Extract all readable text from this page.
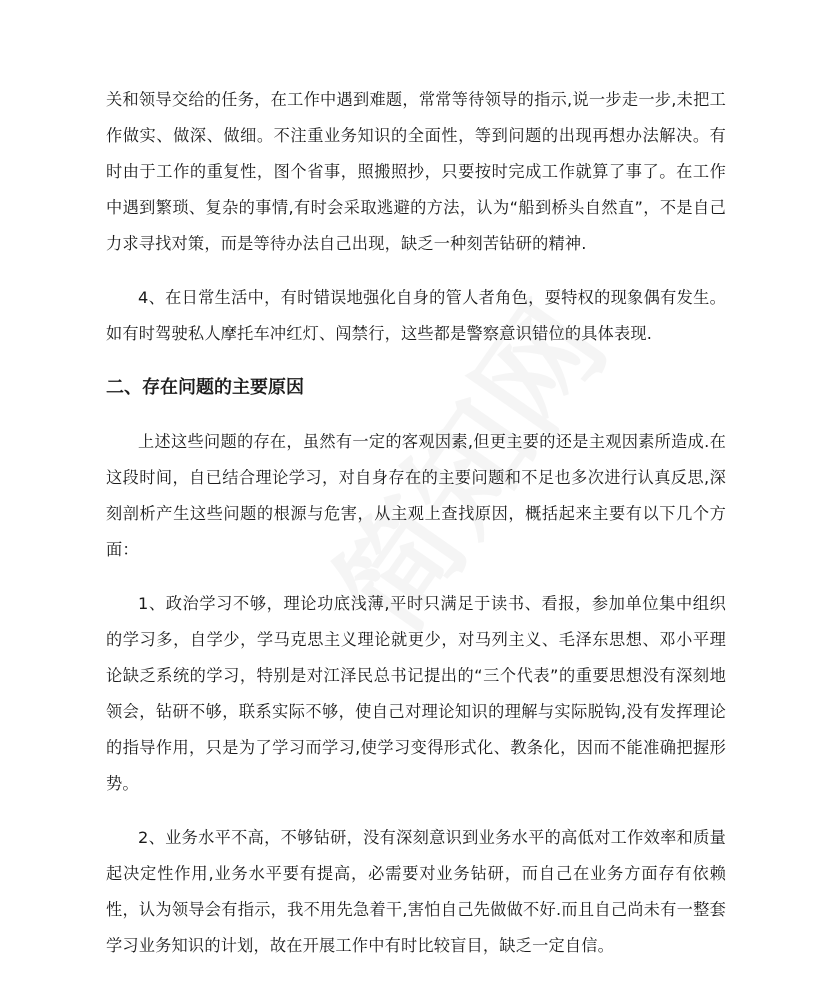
关和领导交给的任务，在工作中遇到难题，常常等待领导的指示,说一步走一步,未把工作做实、做深、做细。不注重业务知识的全面性，等到问题的出现再想办法解决。有时由于工作的重复性，图个省事，照搬照抄，只要按时完成工作就算了事了。在工作中遇到繁琐、复杂的事情,有时会采取逃避的方法，认为“船到桥头自然直”，不是自己力求寻找对策，而是等待办法自己出现，缺乏一种刻苦钻研的精神.

4、在日常生活中，有时错误地强化自身的管人者角色，耍特权的现象偶有发生。如有时驾驶私人摩托车冲红灯、闯禁行，这些都是警察意识错位的具体表现.

二、存在问题的主要原因

上述这些问题的存在，虽然有一定的客观因素,但更主要的还是主观因素所造成.在这段时间，自已结合理论学习，对自身存在的主要问题和不足也多次进行认真反思,深刻剖析产生这些问题的根源与危害，从主观上查找原因，概括起来主要有以下几个方面：

1、政治学习不够，理论功底浅薄,平时只满足于读书、看报，参加单位集中组织的学习多，自学少，学马克思主义理论就更少，对马列主义、毛泽东思想、邓小平理论缺乏系统的学习，特别是对江泽民总书记提出的“三个代表”的重要思想没有深刻地领会，钻研不够，联系实际不够，使自己对理论知识的理解与实际脱钩,没有发挥理论的指导作用，只是为了学习而学习,使学习变得形式化、教条化，因而不能准确把握形势。

2、业务水平不高，不够钻研，没有深刻意识到业务水平的高低对工作效率和质量起决定性作用,业务水平要有提高，必需要对业务钻研，而自己在业务方面存有依赖性，认为领导会有指示，我不用先急着干,害怕自己先做做不好.而且自己尚未有一整套学习业务知识的计划，故在开展工作中有时比较盲目，缺乏一定自信。
